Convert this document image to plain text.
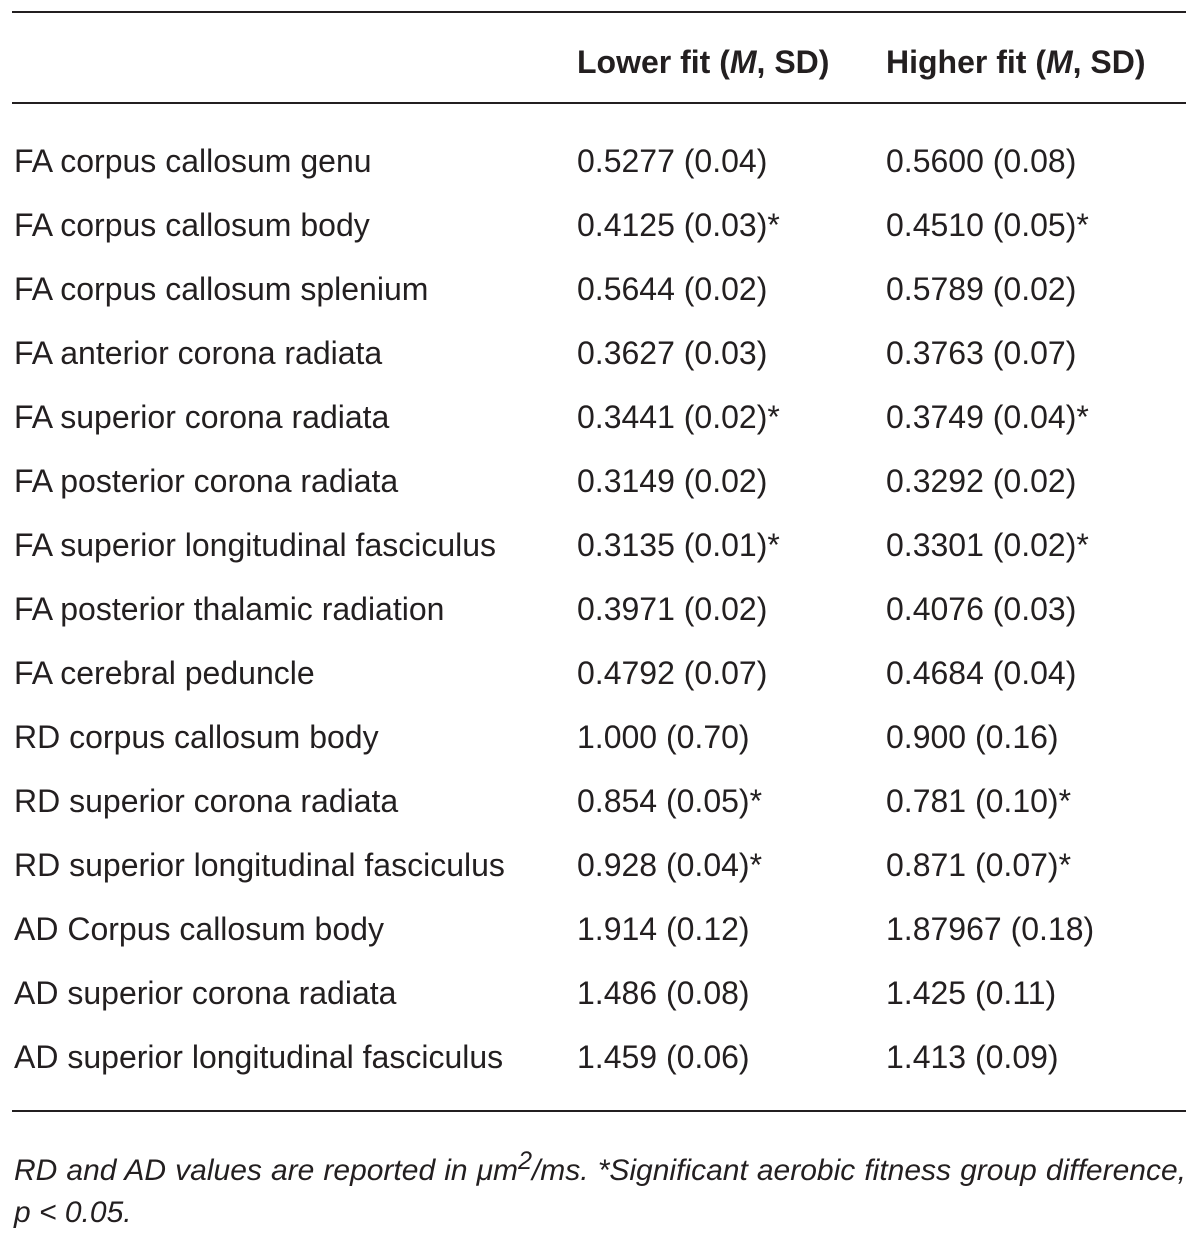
Lower fit (M, SD) Higher fit (M, SD)
FA corpus callosum genu	0.5277 (0.04)	0.5600 (0.08)
FA corpus callosum body	0.4125 (0.03)*	0.4510 (0.05)*
FA corpus callosum splenium	0.5644 (0.02)	0.5789 (0.02)
FA anterior corona radiata	0.3627 (0.03)	0.3763 (0.07)
FA superior corona radiata	0.3441 (0.02)*	0.3749 (0.04)*
FA posterior corona radiata	0.3149 (0.02)	0.3292 (0.02)
FA superior longitudinal fasciculus	0.3135 (0.01)*	0.3301 (0.02)*
FA posterior thalamic radiation	0.3971 (0.02)	0.4076 (0.03)
FA cerebral peduncle	0.4792 (0.07)	0.4684 (0.04)
RD corpus callosum body	1.000 (0.70)	0.900 (0.16)
RD superior corona radiata	0.854 (0.05)*	0.781 (0.10)*
RD superior longitudinal fasciculus 0.928 (0.04)*	0.871 (0.07)*
AD Corpus callosum body	1.914 (0.12)	1.87967 (0.18)
AD superior corona radiata	1.486 (0.08)	1.425 (0.11)
AD superior longitudinal fasciculus 1.459 (0.06)	1.413 (0.09)
RD and AD values are reported in $\mu m^2/ms$. *Significant aerobic fitness group difference, p < 0.05.
